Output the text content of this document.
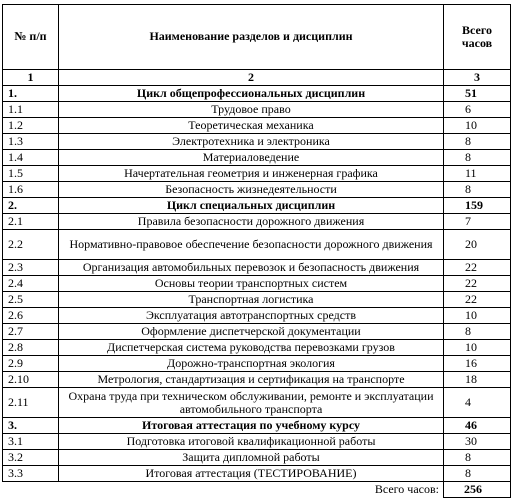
№ п/п	Наименование разделов и дисциплин	Всего
часов
1	2	3
1.	Цикл общепрофессиональных дисциплин	51
1.1	Трудовое право	6
1.2	Теоретическая механика	10
1.3	Электротехника и электроника	8
1.4	Материаловедение	8
1.5	Начертательная геометрия и инженерная графика	11
1.6	Безопасность жизнедеятельности	8
2.	Цикл специальных дисциплин	159
2.1	Правила безопасности дорожного движения	7
2.2	Нормативно-правовое обеспечение безопасности дорожного движения	20
2.3	Организация автомобильных перевозок и безопасность движения	22
2.4	Основы теории транспортных систем	22
2.5	Транспортная логистика	22
2.6	Эксплуатация автотранспортных средств	10
2.7	Оформление диспетчерской документации	8
2.8	Диспетчерская система руководства перевозками грузов	10
2.9	Дорожно-транспортная экология	16
2.10	Метрология, стандартизация и сертификация на транспорте	18
2.11	Охрана труда при техническом обслуживании, ремонте и эксплуатации автомобильного транспорта	4
3.	Итоговая аттестация по учебному курсу	46
3.1	Подготовка итоговой квалификационной работы	30
3.2	Защита дипломной работы	8
3.3	Итоговая аттестация (ТЕСТИРОВАНИЕ)	8
	Всего часов:	256
